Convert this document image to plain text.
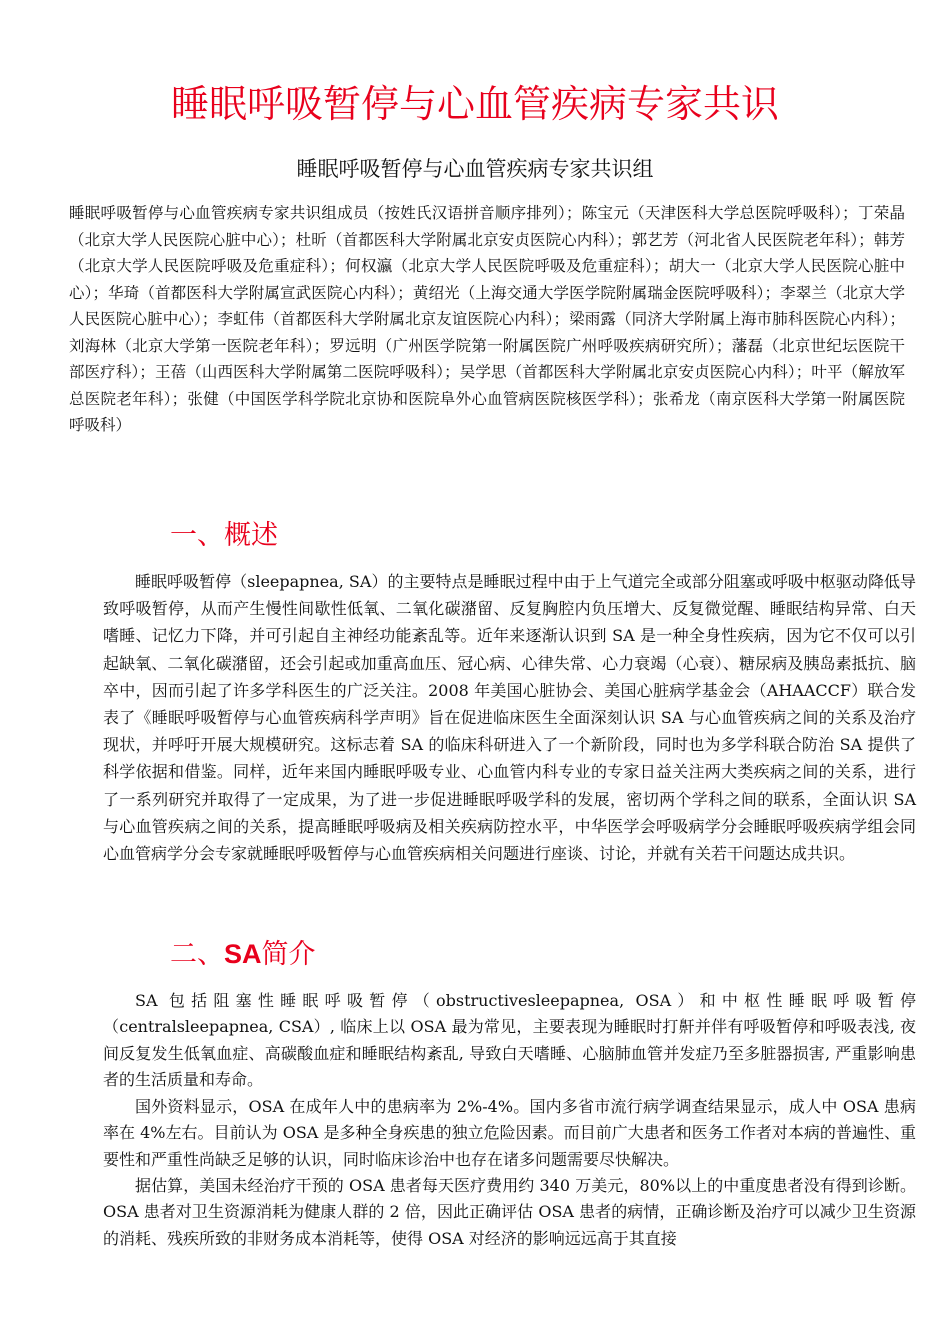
睡眠呼吸暂停与心血管疾病专家共识

睡眠呼吸暂停与心血管疾病专家共识组

睡眠呼吸暂停与心血管疾病专家共识组成员（按姓氏汉语拼音顺序排列）；陈宝元（天津医科大学总医院呼吸科）；丁荣晶（北京大学人民医院心脏中心）；杜昕（首都医科大学附属北京安贞医院心内科）；郭艺芳（河北省人民医院老年科）；韩芳（北京大学人民医院呼吸及危重症科）；何权瀛（北京大学人民医院呼吸及危重症科）；胡大一（北京大学人民医院心脏中心）；华琦（首都医科大学附属宣武医院心内科）；黄绍光（上海交通大学医学院附属瑞金医院呼吸科）；李翠兰（北京大学人民医院心脏中心）；李虹伟（首都医科大学附属北京友谊医院心内科）；梁雨露（同济大学附属上海市肺科医院心内科）；刘海林（北京大学第一医院老年科）；罗远明（广州医学院第一附属医院广州呼吸疾病研究所）；藩磊（北京世纪坛医院干部医疗科）；王蓓（山西医科大学附属第二医院呼吸科）；吴学思（首都医科大学附属北京安贞医院心内科）；叶平（解放军总医院老年科）；张健（中国医学科学院北京协和医院阜外心血管病医院核医学科）；张希龙（南京医科大学第一附属医院呼吸科）

一、概述

睡眠呼吸暂停（sleepapnea, SA）的主要特点是睡眠过程中由于上气道完全或部分阻塞或呼吸中枢驱动降低导致呼吸暂停，从而产生慢性间歇性低氧、二氧化碳潴留、反复胸腔内负压增大、反复微觉醒、睡眠结构异常、白天嗜睡、记忆力下降，并可引起自主神经功能紊乱等。近年来逐渐认识到 SA 是一种全身性疾病，因为它不仅可以引起缺氧、二氧化碳潴留，还会引起或加重高血压、冠心病、心律失常、心力衰竭（心衰）、糖尿病及胰岛素抵抗、脑卒中，因而引起了许多学科医生的广泛关注。2008 年美国心脏协会、美国心脏病学基金会（AHAACCF）联合发表了《睡眠呼吸暂停与心血管疾病科学声明》旨在促进临床医生全面深刻认识 SA 与心血管疾病之间的关系及治疗现状，并呼吁开展大规模研究。这标志着 SA 的临床科研进入了一个新阶段，同时也为多学科联合防治 SA 提供了科学依据和借鉴。同样，近年来国内睡眠呼吸专业、心血管内科专业的专家日益关注两大类疾病之间的关系，进行了一系列研究并取得了一定成果，为了进一步促进睡眠呼吸学科的发展，密切两个学科之间的联系，全面认识 SA 与心血管疾病之间的关系，提高睡眠呼吸病及相关疾病防控水平，中华医学会呼吸病学分会睡眠呼吸疾病学组会同心血管病学分会专家就睡眠呼吸暂停与心血管疾病相关问题进行座谈、讨论，并就有关若干问题达成共识。

二、SA简介

SA 包括阻塞性睡眠呼吸暂停（obstructivesleepapnea, OSA）和中枢性睡眠呼吸暂停（centralsleepapnea, CSA）, 临床上以 OSA 最为常见，主要表现为睡眠时打鼾并伴有呼吸暂停和呼吸表浅, 夜间反复发生低氧血症、高碳酸血症和睡眠结构紊乱, 导致白天嗜睡、心脑肺血管并发症乃至多脏器损害, 严重影响患者的生活质量和寿命。

国外资料显示，OSA 在成年人中的患病率为 2%-4%。国内多省市流行病学调查结果显示，成人中 OSA 患病率在 4%左右。目前认为 OSA 是多种全身疾患的独立危险因素。而目前广大患者和医务工作者对本病的普遍性、重要性和严重性尚缺乏足够的认识，同时临床诊治中也存在诸多问题需要尽快解决。

据估算，美国未经治疗干预的 OSA 患者每天医疗费用约 340 万美元，80%以上的中重度患者没有得到诊断。OSA 患者对卫生资源消耗为健康人群的 2 倍，因此正确评估 OSA 患者的病情，正确诊断及治疗可以减少卫生资源的消耗、残疾所致的非财务成本消耗等，使得 OSA 对经济的影响远远高于其直接
